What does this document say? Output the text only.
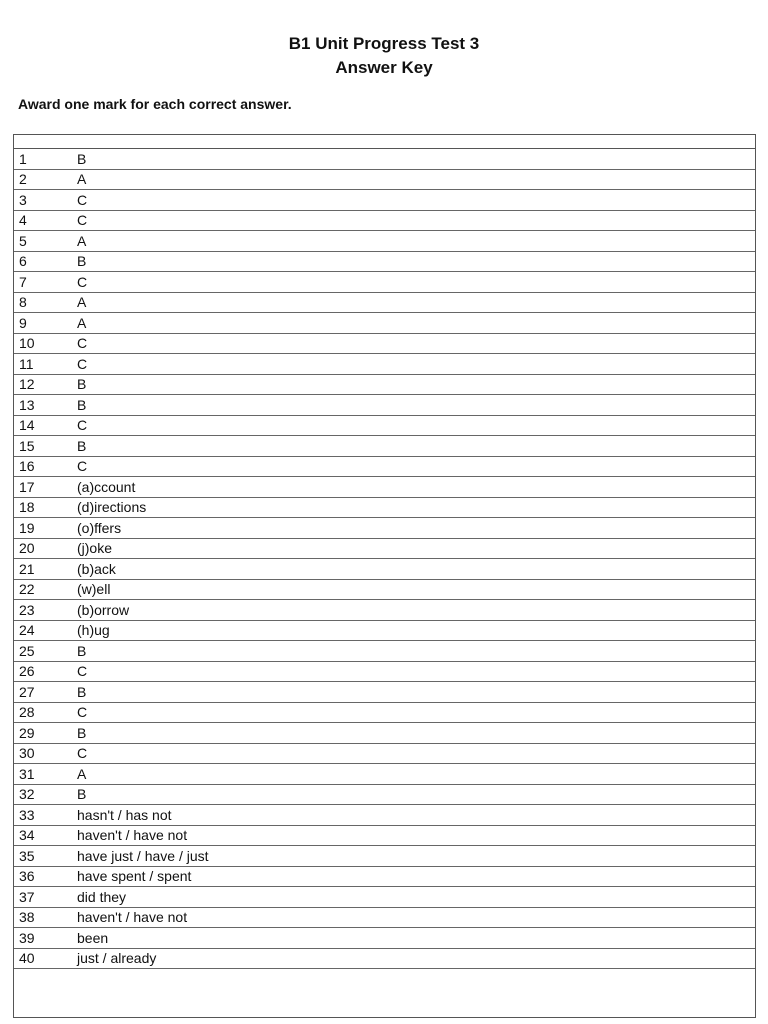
B1 Unit Progress Test 3
Answer Key
Award one mark for each correct answer.
1	B
2	A
3	C
4	C
5	A
6	B
7	C
8	A
9	A
10	C
11	C
12	B
13	B
14	C
15	B
16	C
17	(a)ccount
18	(d)irections
19	(o)ffers
20	(j)oke
21	(b)ack
22	(w)ell
23	(b)orrow
24	(h)ug
25	B
26	C
27	B
28	C
29	B
30	C
31	A
32	B
33	hasn't / has not
34	haven't / have not
35	have just / have / just
36	have spent / spent
37	did they
38	haven't / have not
39	been
40	just / already
